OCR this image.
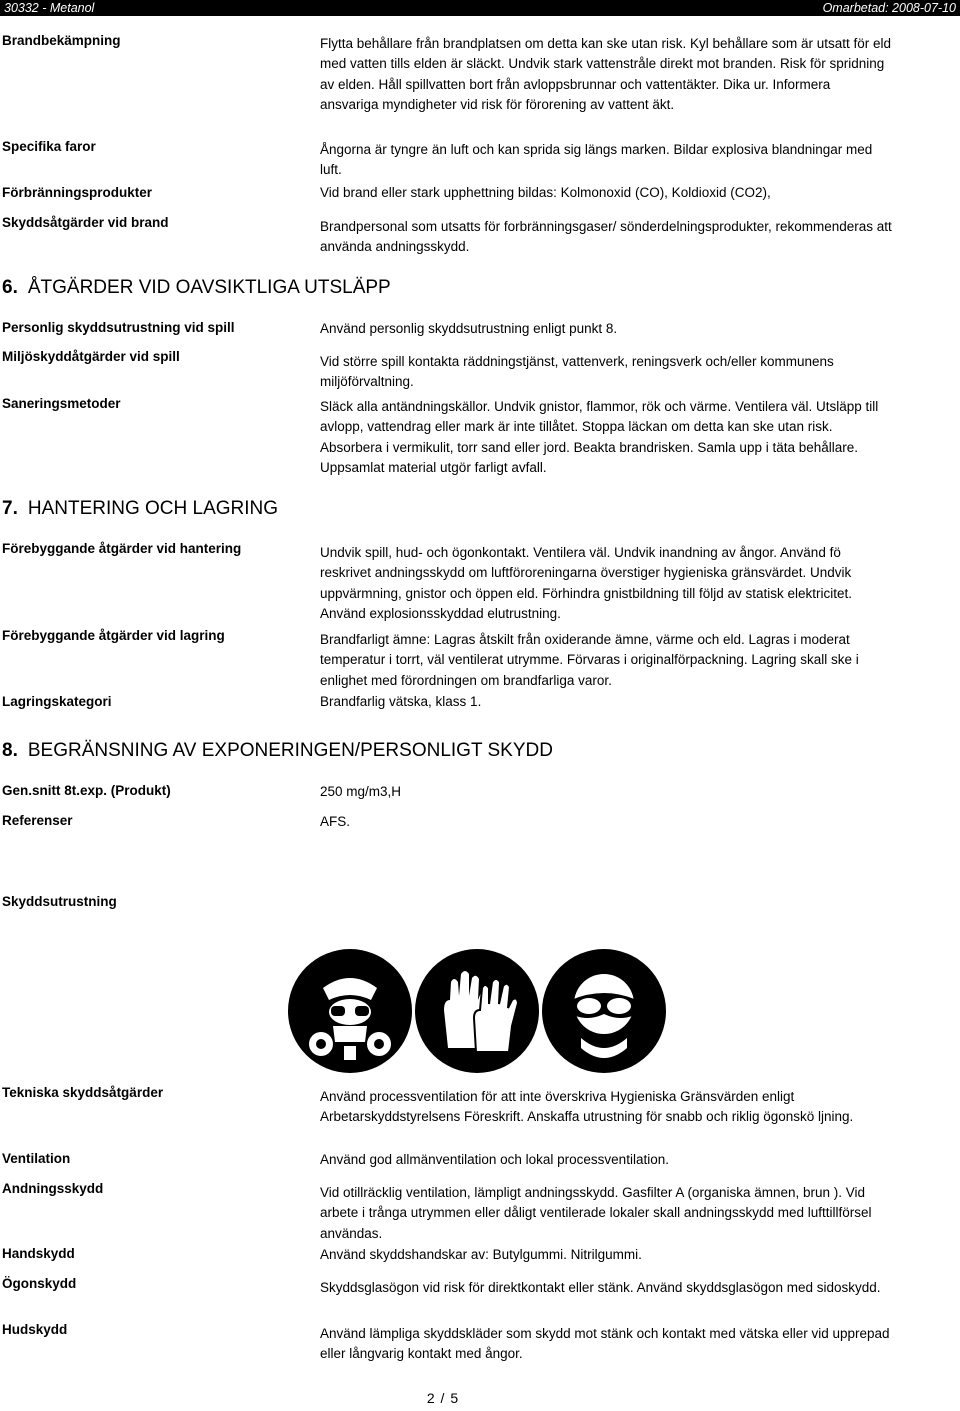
30332 - Metanol	Omarbetad: 2008-07-10
Brandbekämpning	Flytta behållare från brandplatsen om detta kan ske utan risk. Kyl behållare som är utsatt för eld med vatten tills elden är släckt. Undvik stark vattenstråle direkt mot branden. Risk för spridning av elden. Håll spillvatten bort från avloppsbrunnar och vattentäkter. Dika ur. Informera ansvariga myndigheter vid risk för förorening av vattent äkt.
Specifika faror	Ångorna är tyngre än luft och kan sprida sig längs marken. Bildar explosiva blandningar med luft.
Förbränningsprodukter	Vid brand eller stark upphettning bildas: Kolmonoxid (CO), Koldioxid (CO2),
Skyddsåtgärder vid brand	Brandpersonal som utsatts för forbränningsgaser/ sönderdelningsprodukter, rekommenderas att använda andningsskydd.
6. ÅTGÄRDER VID OAVSIKTLIGA UTSLÄPP
Personlig skyddsutrustning vid spill	Använd personlig skyddsutrustning enligt punkt 8.
Miljöskyddåtgärder vid spill	Vid större spill kontakta räddningstjänst, vattenverk, reningsverk och/eller kommunens miljöförvaltning.
Saneringsmetoder	Släck alla antändningskällor. Undvik gnistor, flammor, rök och värme. Ventilera väl. Utsläpp till avlopp, vattendrag eller mark är inte tillåtet. Stoppa läckan om detta kan ske utan risk. Absorbera i vermikulit, torr sand eller jord. Beakta brandrisken. Samla upp i täta behållare. Uppsamlat material utgör farligt avfall.
7. HANTERING OCH LAGRING
Förebyggande åtgärder vid hantering	Undvik spill, hud- och ögonkontakt. Ventilera väl. Undvik inandning av ångor. Använd fö reskrivet andningsskydd om luftföroreningarna överstiger hygieniska gränsvärdet. Undvik uppvärmning, gnistor och öppen eld. Förhindra gnistbildning till följd av statisk elektricitet. Använd explosionsskyddad elutrustning.
Förebyggande åtgärder vid lagring	Brandfarligt ämne: Lagras åtskilt från oxiderande ämne, värme och eld. Lagras i moderat temperatur i torrt, väl ventilerat utrymme. Förvaras i originalförpackning. Lagring skall ske i enlighet med förordningen om brandfarliga varor.
Lagringskategori	Brandfarlig vätska, klass 1.
8. BEGRÄNSNING AV EXPONERINGEN/PERSONLIGT SKYDD
Gen.snitt 8t.exp. (Produkt)	250 mg/m3,H
Referenser	AFS.
Skyddsutrustning
Tekniska skyddsåtgärder	Använd processventilation för att inte överskriva Hygieniska Gränsvärden enligt Arbetarskyddstyrelsens Föreskrift. Anskaffa utrustning för snabb och riklig ögonskö ljning.
Ventilation	Använd god allmänventilation och lokal processventilation.
Andningsskydd	Vid otillräcklig ventilation, lämpligt andningsskydd. Gasfilter A (organiska ämnen, brun ). Vid arbete i trånga utrymmen eller dåligt ventilerade lokaler skall andningsskydd med lufttillförsel användas.
Handskydd	Använd skyddshandskar av: Butylgummi. Nitrilgummi.
Ögonskydd	Skyddsglasögon vid risk för direktkontakt eller stänk. Använd skyddsglasögon med sidoskydd.
Hudskydd	Använd lämpliga skyddskläder som skydd mot stänk och kontakt med vätska eller vid upprepad eller långvarig kontakt med ångor.
2 / 5
